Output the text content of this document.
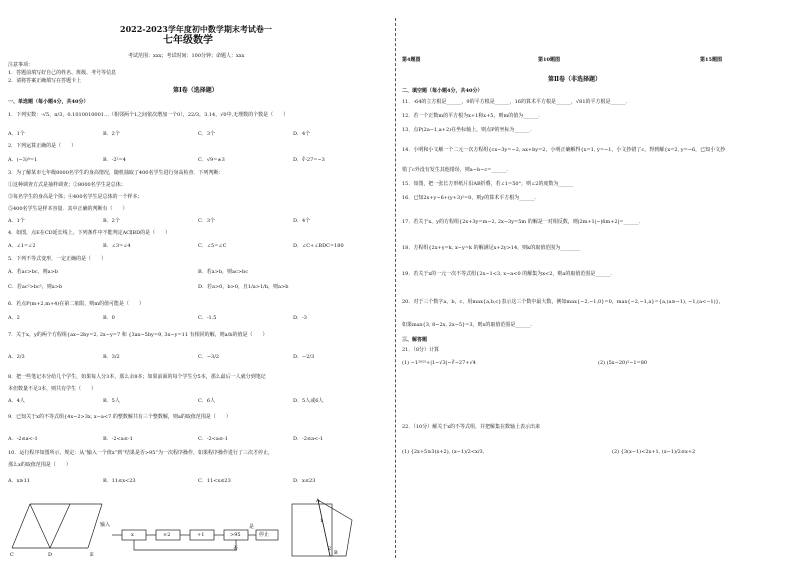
2022-2023学年度初中数学期末考试卷一
七年级数学
考试范围：xxx；考试时间：100分钟；命题人：xxx
注意事项：
1．答题前填写好自己的姓名、班级、考号等信息
2．请将答案正确填写在答题卡上
第Ⅰ卷（选择题）
一、单选题（每小题4分，共40分）
1．下列实数：-√5，π/3，0.1010010001…（相邻两个1之间依次增加一个0），22/3，3.14，√0中,无理数的个数是（　　）
A．1个	B．2个	C．3个	D．4个
2．下列运算正确的是（　　）
A．(−3)⁰=1	B．-2²=4	C．√9=±3	D．∛-27=−3
3．为了解某市七年级8000名学生的身高情况，随机抽取了400名学生进行身高检查．下列判断：
①这种调查方式是抽样调查；②8000名学生是总体；
③每名学生的身高是个体；④400名学生是总体的一个样本；
⑤400名学生是样本容量．其中正确的判断有（　　）
A．1个	B．2个	C．3个	D．4个
4．如图，点E在CD延长线上，下列条件中不能判定AC∥BD的是（　　）
A．∠1=∠2	B．∠3=∠4	C．∠5=∠C	D．∠C+∠BDC=180
5．下列不等式变形，一定正确的是（　　）
A．若ac>bc，则a>b	B．若a>b，则ac>bc
C．若ac²>bc²，则a>b	D．若a>0，b>0，且1/a>1/b，则a>b
6．若点P(m+2,m+4)在第二象限，则m的值可能是（　　）
A．2	B．0	C．-1.5	D．-3
7．关于x，y的两个方程组{ax−2by=2, 2x−y=7 和 {3ax−5by=9, 3x−y=11 有相同的解，则a/b的值是（　　）
A．2/3	B．3/2	C．−3/2	D．−2/3
8．把一些笔记本分给几个学生，如果每人分3本，那么余8本；如果前面的每个学生分5本，那么最后一人就分到笔记
本但数量不足3本，则共有学生（　　）
A．4人	B．5人	C．6人	D．5人或6人
9．已知关于x的不等式组{4x−2>3x, x−a<7 的整数解共有三个整数解，则a的取值范围是（　　）
A．-2≤a<-1	B．-2<a≤-1	C．-2<a≤-1	D．-2≤a<-1
10．运行程序如图所示，规定：从“输入一个值x”到“结果是否>95”为一次程序操作，如果程序操作进行了三次才停止，
那么x的取值范围是（　　）
A．x≥11	B．11≤x<23	C．11<x≤23	D．x≤23
C	D	E
输入
x	×2	+1	>95	停止
是
否
A
B
1
2
第4题图	第10题图	第15题图
第Ⅱ卷（非选择题）
二、填空题（每小题4分，共40分）
11．-64的立方根是______，9的平方根是______，16的算术平方根是______，√81的平方根是______．
12．若一个正数m的平方根为x+1和x+5，则m的值为______．
13．点P(2a−1,a+2)在坐标轴上，则点P的坐标为______．
14．小明和小文解一个二元一次方程组{cx−3y=−2, ax+by=2，小明正确解得{x=1, y=−1，小文抄错了c，得到解{x=2, y=−6，已知小文抄
错了c外没有发生其他错误，则a−b−c=______．
15．如图，把一张长方形纸片沿AB折叠，若∠1=50°，则∠2的度数为______
16．已知2x+y−6+(y+3)²=0，则y的算术平方根为______．
17．若关于x、y的方程组{2x+3y=m−2, 2x−3y=5m 的解是一对相反数，则|2m+1|−|6m+2|=______．
18．方程组{2x+y=k, x−y=k 的解满足x+2y>14，则k的取值范围为________
19．若关于x的一元一次不等式组{2x−1<3, x−a<0 的解集为x<2，则a的取值范围是______．
20．对于三个数字a，b，c，用max{a,b,c}表示这三个数中最大数，例如max{−2,−1,0}=0，max{−2,−1,a}={a,(a≥−1), −1,(a<−1)}，
如果max{3, 8−2x, 2x−5}=3，则x的取值范围是______．
三、解答题
21．（8分）计算
(1) −1²⁰²³+|1−√3|−∛−27+√4	(2) (5x−20)²−1=80
22．（10分）解关于x的不等式组，并把解集在数轴上表示出来
(1) {2x+5≥3(x+2), (x−1)/2<x/3,	(2) {3(x−1)<2x+1, (x−1)/2≤x+2
